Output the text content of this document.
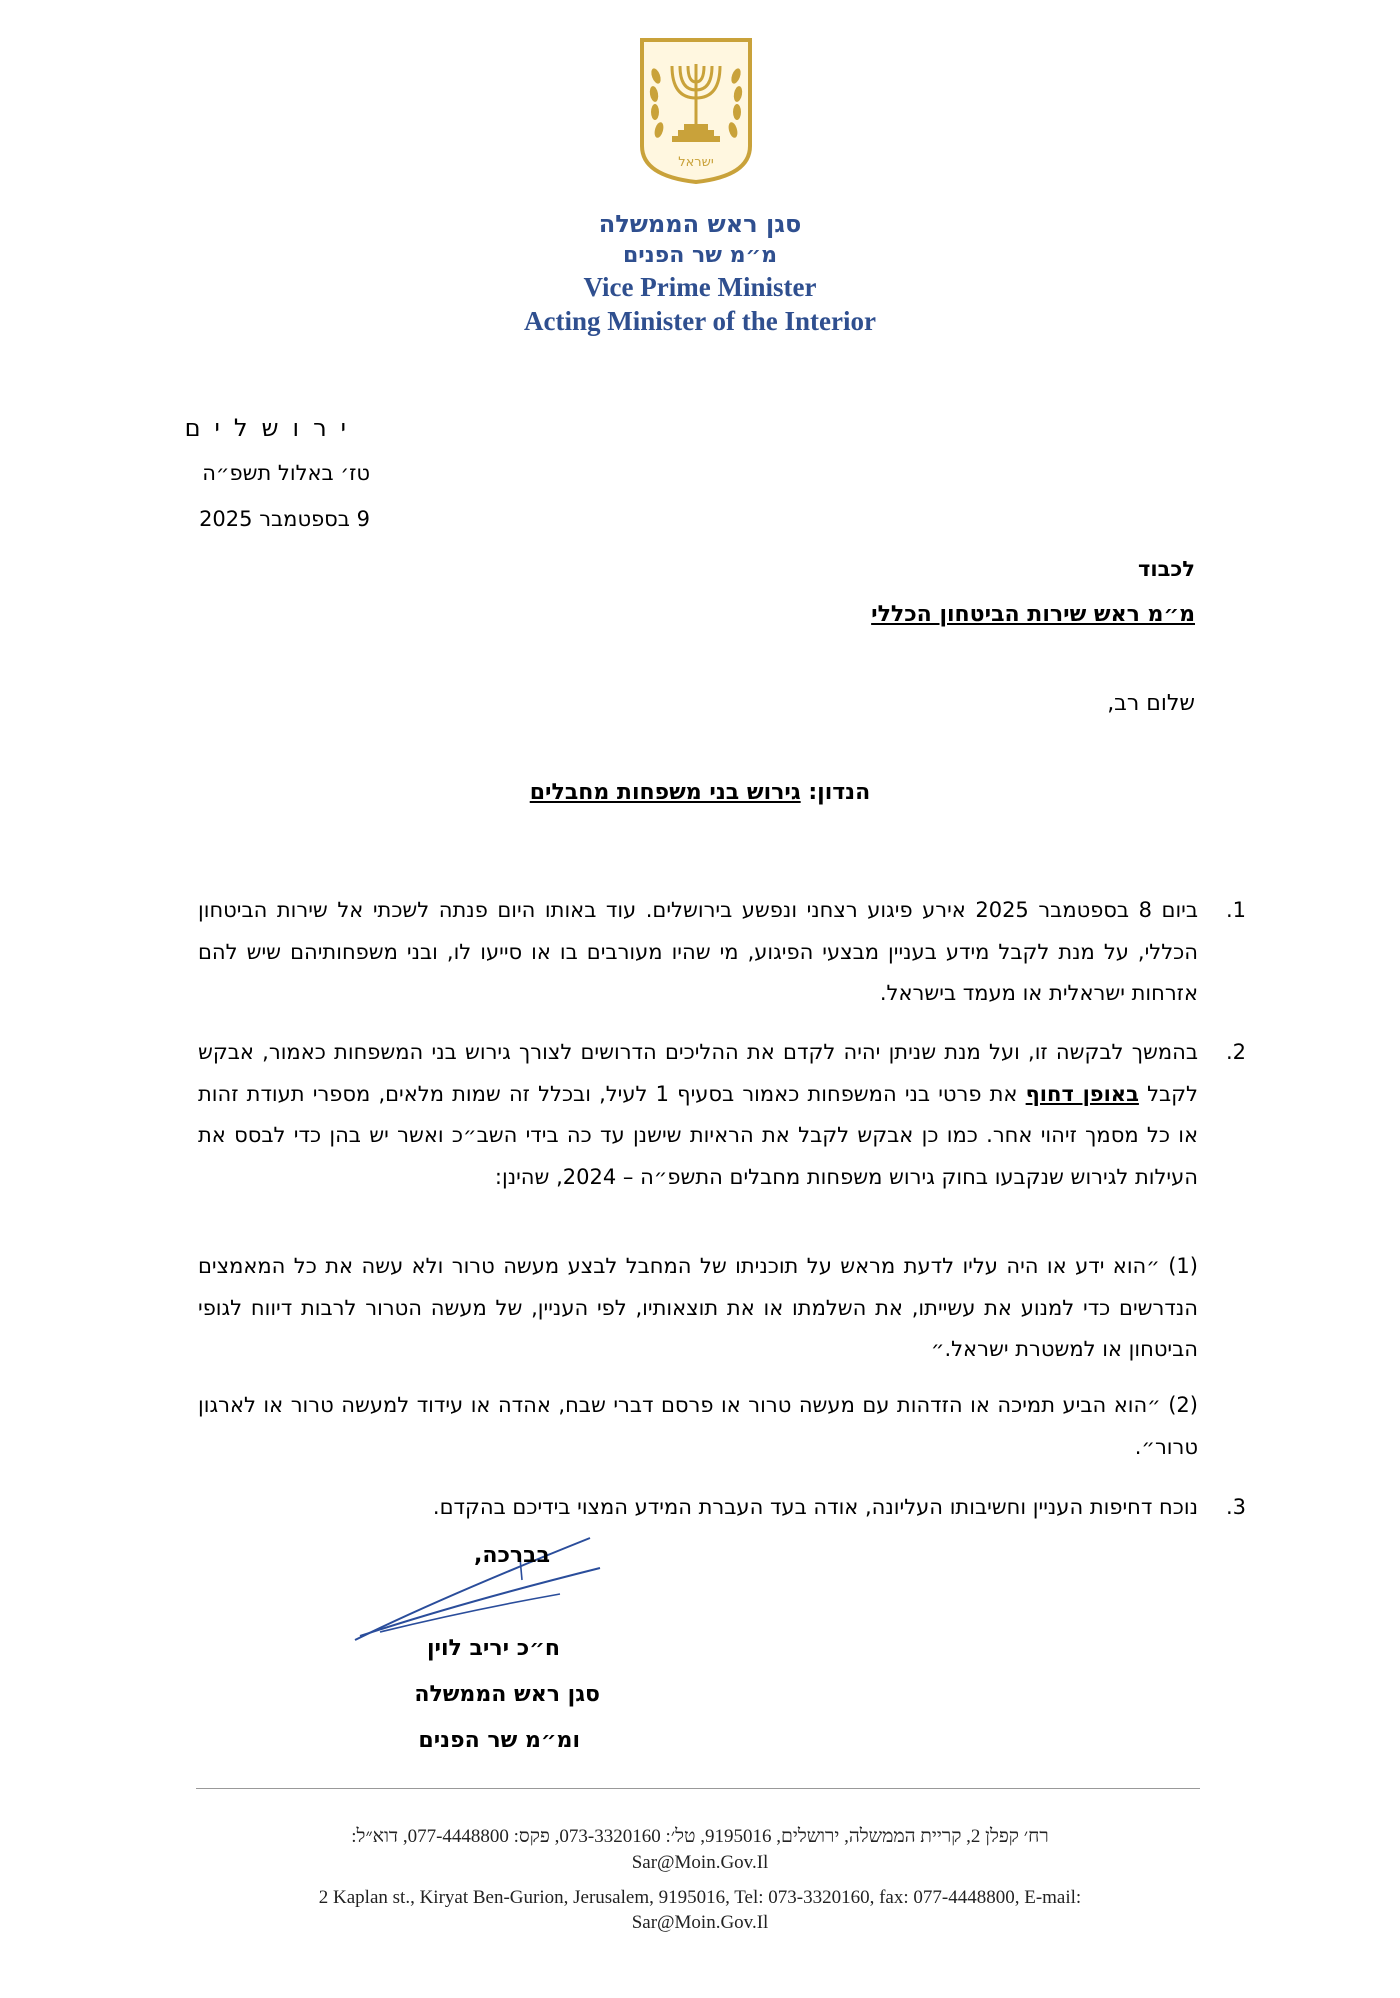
ישראל
סגן ראש הממשלה
מ״מ שר הפנים
Vice Prime Minister
Acting Minister of the Interior
ירושלים
טז׳ באלול תשפ״ה
9 בספטמבר 2025
לכבוד
מ״מ ראש שירות הביטחון הכללי
שלום רב,
הנדון: גירוש בני משפחות מחבלים
1.
ביום 8 בספטמבר 2025 אירע פיגוע רצחני ונפשע בירושלים. עוד באותו היום פנתה לשכתי אל שירות הביטחון הכללי, על מנת לקבל מידע בעניין מבצעי הפיגוע, מי שהיו מעורבים בו או סייעו לו, ובני משפחותיהם שיש להם אזרחות ישראלית או מעמד בישראל.
2.
בהמשך לבקשה זו, ועל מנת שניתן יהיה לקדם את ההליכים הדרושים לצורך גירוש בני המשפחות כאמור, אבקש לקבל באופן דחוף את פרטי בני המשפחות כאמור בסעיף 1 לעיל, ובכלל זה שמות מלאים, מספרי תעודת זהות או כל מסמך זיהוי אחר. כמו כן אבקש לקבל את הראיות שישנן עד כה בידי השב״כ ואשר יש בהן כדי לבסס את העילות לגירוש שנקבעו בחוק גירוש משפחות מחבלים התשפ״ה – 2024, שהינן:
(1) ״הוא ידע או היה עליו לדעת מראש על תוכניתו של המחבל לבצע מעשה טרור ולא עשה את כל המאמצים הנדרשים כדי למנוע את עשייתו, את השלמתו או את תוצאותיו, לפי העניין, של מעשה הטרור לרבות דיווח לגופי הביטחון או למשטרת ישראל.״
(2) ״הוא הביע תמיכה או הזדהות עם מעשה טרור או פרסם דברי שבח, אהדה או עידוד למעשה טרור או לארגון טרור״.
3.
נוכח דחיפות העניין וחשיבותו העליונה, אודה בעד העברת המידע המצוי בידיכם בהקדם.
בברכה,
ח״כ יריב לוין
סגן ראש הממשלה
ומ״מ שר הפנים
רח׳ קפלן 2, קריית הממשלה, ירושלים, 9195016, טל׳: 073-3320160, פקס: 077-4448800, דוא״ל:
Sar@Moin.Gov.Il
2 Kaplan st., Kiryat Ben-Gurion, Jerusalem, 9195016, Tel: 073-3320160, fax: 077-4448800, E-mail:
Sar@Moin.Gov.Il
